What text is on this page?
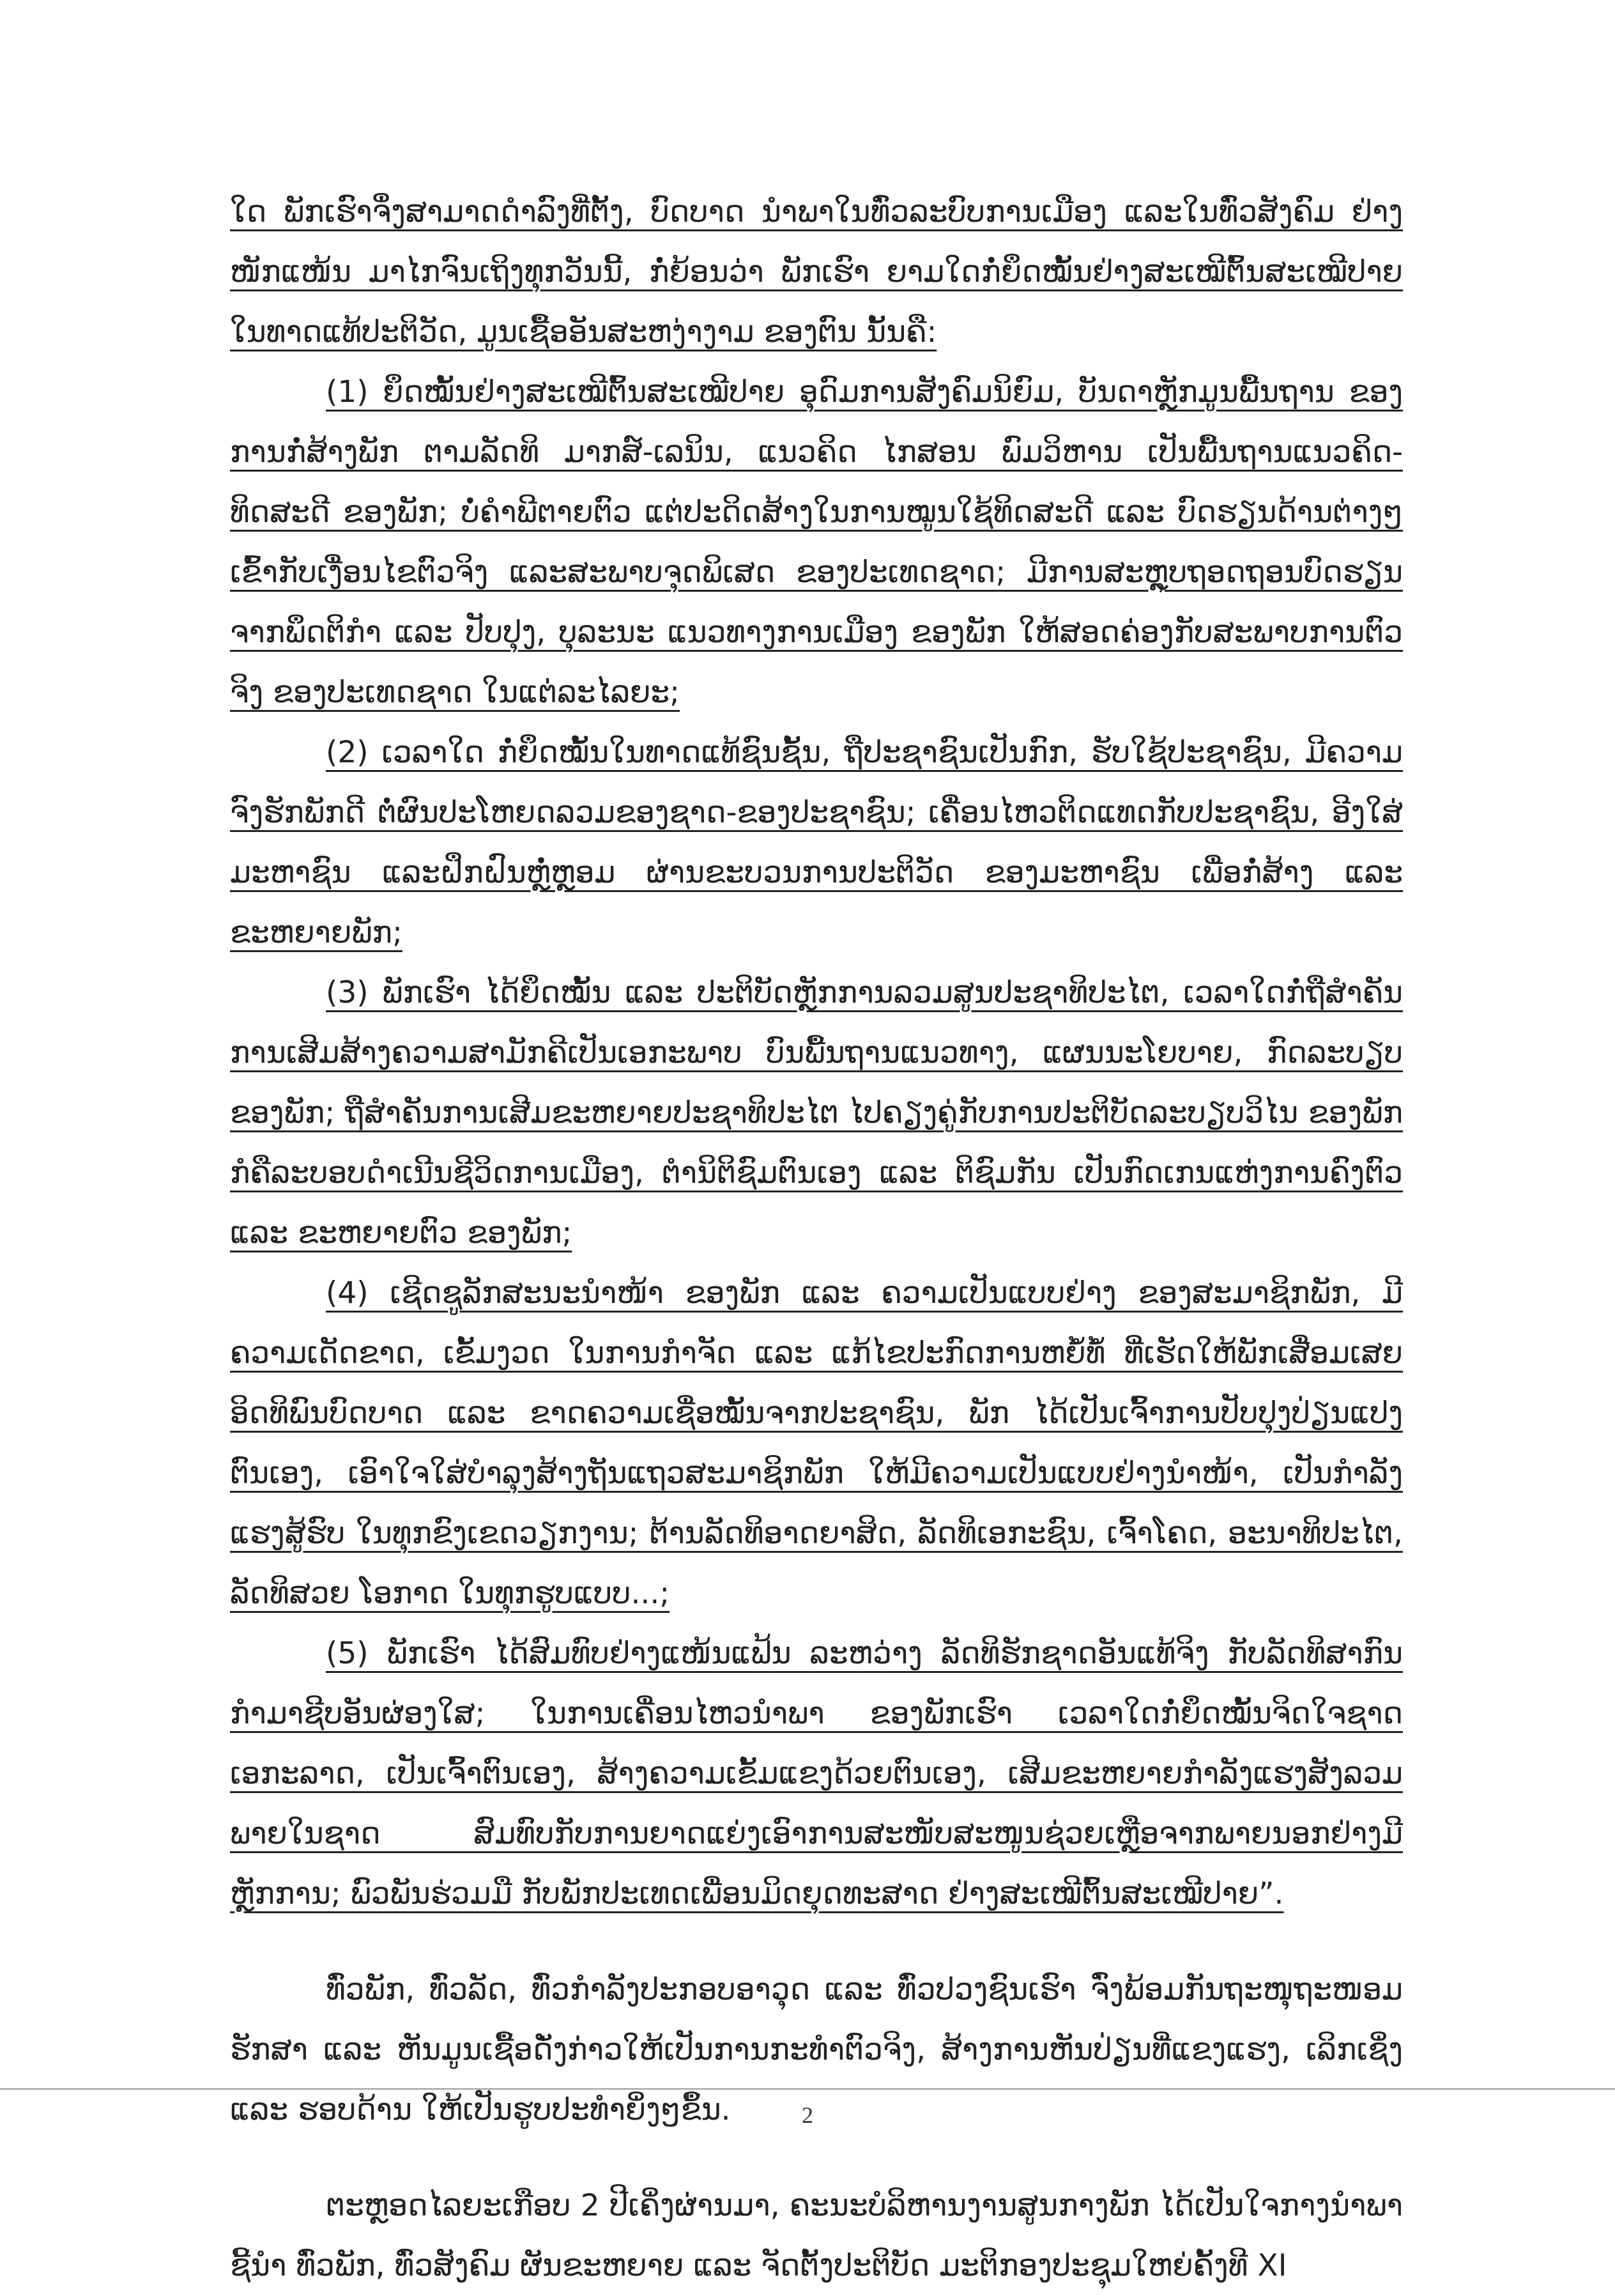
ໃດ ພັກເຮົາຈຶ່ງສາມາດດຳລົງທີ່ຕັ້ງ, ບົດບາດ ນຳພາໃນທົ່ວລະບົບການເມືອງ ແລະໃນທົ່ວສັງຄົມ ຢ່າງໜັກແໜ້ນ ມາໄກຈົນເຖິງທຸກວັນນີ້, ກໍ່ຍ້ອນວ່າ ພັກເຮົາ ຍາມໃດກໍ່ຍຶດໝັ້ນຢ່າງສະເໝີຕົ້ນສະເໝີປາຍໃນທາດແທ້ປະຕິວັດ, ມູນເຊື້ອອັນສະຫງ່າງາມ ຂອງຕົນ ນັ້ນຄື:

(1) ຍຶດໝັ້ນຢ່າງສະເໝີຕົ້ນສະເໝີປາຍ ອຸດົມການສັງຄົມນິຍົມ, ບັນດາຫຼັກມູນພື້ນຖານ ຂອງການກໍ່ສ້າງພັກ ຕາມລັດທິ ມາກສ໌-ເລນິນ, ແນວຄິດ ໄກສອນ ພົມວິຫານ ເປັນພື້ນຖານແນວຄິດ-ທິດສະດີ ຂອງພັກ; ບໍ່ຄຳພີຕາຍຕົວ ແຕ່ປະດິດສ້າງໃນການໝູນໃຊ້ທິດສະດີ ແລະ ບົດຮຽນດ້ານຕ່າງໆເຂົ້າກັບເງື່ອນໄຂຕົວຈິງ ແລະສະພາບຈຸດພິເສດ ຂອງປະເທດຊາດ; ມີການສະຫຼຸບຖອດຖອນບົດຮຽນຈາກພຶດຕິກຳ ແລະ ປັບປຸງ, ບຸລະນະ ແນວທາງການເມືອງ ຂອງພັກ ໃຫ້ສອດຄ່ອງກັບສະພາບການຕົວຈິງ ຂອງປະເທດຊາດ ໃນແຕ່ລະໄລຍະ;

(2) ເວລາໃດ ກໍ່ຍຶດໝັ້ນໃນທາດແທ້ຊົນຊັ້ນ, ຖືປະຊາຊົນເປັນກົກ, ຮັບໃຊ້ປະຊາຊົນ, ມີຄວາມຈົງຮັກພັກດີ ຕໍ່ຜົນປະໂຫຍດລວມຂອງຊາດ-ຂອງປະຊາຊົນ; ເຄື່ອນໄຫວຕິດແທດກັບປະຊາຊົນ, ອີງໃສ່ມະຫາຊົນ ແລະຝຶກຝົນຫຼໍ່ຫຼອມ ຜ່ານຂະບວນການປະຕິວັດ ຂອງມະຫາຊົນ ເພື່ອກໍ່ສ້າງ ແລະ ຂະຫຍາຍພັກ;

(3) ພັກເຮົາ ໄດ້ຍຶດໝັ້ນ ແລະ ປະຕິບັດຫຼັກການລວມສູນປະຊາທິປະໄຕ, ເວລາໃດກໍ່ຖືສຳຄັນການເສີມສ້າງຄວາມສາມັກຄີເປັນເອກະພາບ ບົນພື້ນຖານແນວທາງ, ແຜນນະໂຍບາຍ, ກົດລະບຽບ ຂອງພັກ; ຖືສຳຄັນການເສີມຂະຫຍາຍປະຊາທິປະໄຕ ໄປຄຽງຄູ່ກັບການປະຕິບັດລະບຽບວິໄນ ຂອງພັກ ກໍຄືລະບອບດຳເນີນຊີວິດການເມືອງ, ຕຳນິຕິຊົມຕົນເອງ ແລະ ຕິຊົມກັນ ເປັນກົດເກນແຫ່ງການຄົງຕົວ ແລະ ຂະຫຍາຍຕົວ ຂອງພັກ;

(4) ເຊີດຊູລັກສະນະນຳໜ້າ ຂອງພັກ ແລະ ຄວາມເປັນແບບຢ່າງ ຂອງສະມາຊິກພັກ, ມີຄວາມເດັດຂາດ, ເຂັ້ມງວດ ໃນການກຳຈັດ ແລະ ແກ້ໄຂປະກົດການຫຍໍ້ທໍ້ ທີ່ເຮັດໃຫ້ພັກເສື່ອມເສຍອິດທິພົນບົດບາດ ແລະ ຂາດຄວາມເຊື່ອໝັ້ນຈາກປະຊາຊົນ, ພັກ ໄດ້ເປັນເຈົ້າການປັບປຸງປ່ຽນແປງຕົນເອງ, ເອົາໃຈໃສ່ບຳລຸງສ້າງຖັນແຖວສະມາຊິກພັກ ໃຫ້ມີຄວາມເປັນແບບຢ່າງນຳໜ້າ, ເປັນກຳລັງແຮງສູ້ຮົບ ໃນທຸກຂົງເຂດວຽກງານ; ຕ້ານລັດທິອາດຍາສິດ, ລັດທິເອກະຊົນ, ເຈົ້າໂຄດ, ອະນາທິປະໄຕ, ລັດທິສວຍ ໂອກາດ ໃນທຸກຮູບແບບ...;

(5) ພັກເຮົາ ໄດ້ສົມທົບຢ່າງແໜ້ນແຟ້ນ ລະຫວ່າງ ລັດທິຮັກຊາດອັນແທ້ຈິງ ກັບລັດທິສາກົນກຳມາຊີບອັນຜ່ອງໃສ; ໃນການເຄື່ອນໄຫວນຳພາ ຂອງພັກເຮົາ ເວລາໃດກໍ່ຍຶດໝັ້ນຈິດໃຈຊາດເອກະລາດ, ເປັນເຈົ້າຕົນເອງ, ສ້າງຄວາມເຂັ້ມແຂງດ້ວຍຕົນເອງ, ເສີມຂະຫຍາຍກຳລັງແຮງສັງລວມພາຍໃນຊາດ ສົມທົບກັບການຍາດແຍ່ງເອົາການສະໜັບສະໜູນຊ່ວຍເຫຼືອຈາກພາຍນອກຢ່າງມີຫຼັກການ; ພົວພັນຮ່ວມມື ກັບພັກປະເທດເພື່ອນມິດຍຸດທະສາດ ຢ່າງສະເໝີຕົ້ນສະເໝີປາຍ”.

ທົ່ວພັກ, ທົ່ວລັດ, ທົ່ວກຳລັງປະກອບອາວຸດ ແລະ ທົ່ວປວງຊົນເຮົາ ຈົ່ງພ້ອມກັນຖະໜຸຖະໜອມ ຮັກສາ ແລະ ຫັນມູນເຊື້ອດັ່ງກ່າວໃຫ້ເປັນການກະທຳຕົວຈິງ, ສ້າງການຫັນປ່ຽນທີ່ແຂງແຮງ, ເລິກເຊິ່ງ ແລະ ຮອບດ້ານ ໃຫ້ເປັນຮູບປະທຳຍິ່ງໆຂຶ້ນ.

ຕະຫຼອດໄລຍະເກືອບ 2 ປີເຄິ່ງຜ່ານມາ, ຄະນະບໍລິຫານງານສູນກາງພັກ ໄດ້ເປັນໃຈກາງນຳພາຊີ້ນຳ ທົ່ວພັກ, ທົ່ວສັງຄົມ ຜັນຂະຫຍາຍ ແລະ ຈັດຕັ້ງປະຕິບັດ ມະຕິກອງປະຊຸມໃຫຍ່ຄັ້ງທີ XI

2
